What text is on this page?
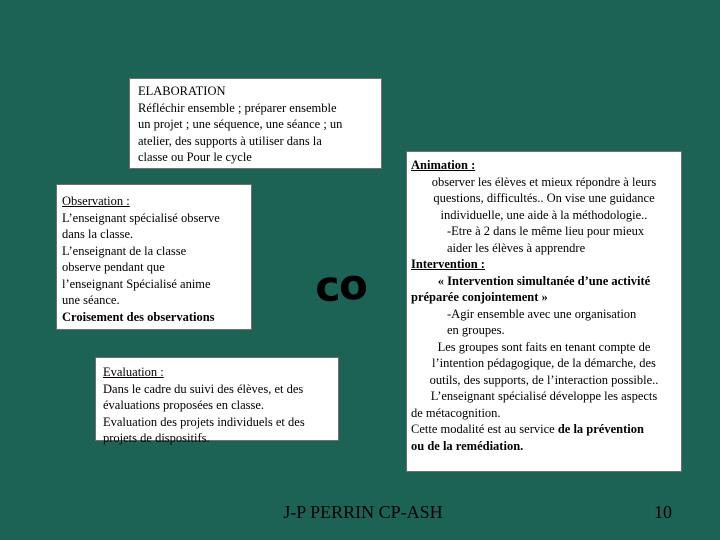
ELABORATION
Réfléchir ensemble ; préparer ensemble
un projet ; une séquence, une séance ; un
atelier, des supports à utiliser dans la
classe ou Pour le cycle
Observation :
L’enseignant spécialisé observe
dans la classe.
L’enseignant de la classe
observe pendant que
l’enseignant Spécialisé anime
une séance.
Croisement des observations
co
Evaluation :
Dans le cadre du suivi des élèves, et des
évaluations proposées en classe.
Evaluation des projets individuels et des
projets de dispositifs.
Animation :
observer les élèves et mieux répondre à leurs
questions, difficultés.. On vise une guidance
individuelle, une aide à la méthodologie..
-Etre à 2 dans le même lieu pour mieux
aider les élèves à apprendre
Intervention :
« Intervention simultanée d’une activité
préparée conjointement »
-Agir ensemble avec une organisation
en groupes.
Les groupes sont faits en tenant compte de
l’intention pédagogique, de la démarche, des
outils, des supports, de l’interaction possible..
L’enseignant spécialisé développe les aspects
de métacognition.
Cette modalité est au service de la prévention
ou de la remédiation.
J-P PERRIN CP-ASH	10
